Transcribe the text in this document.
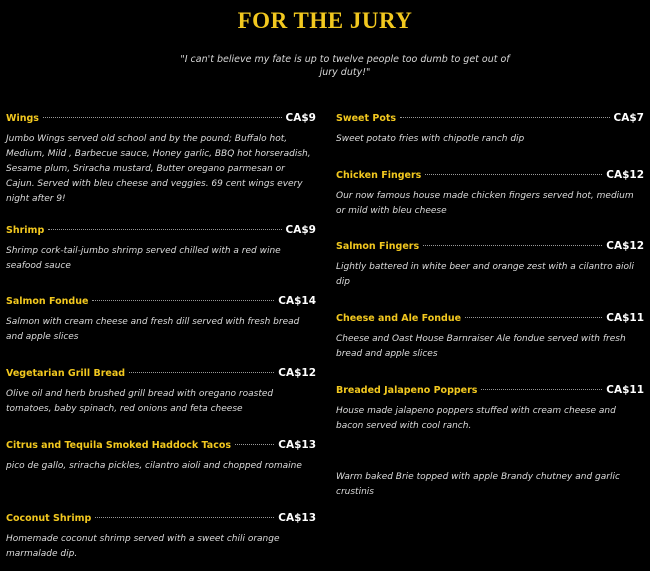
FOR THE JURY
"I can't believe my fate is up to twelve people too dumb to get out of jury duty!"
Wings	CA$9
Jumbo Wings served old school and by the pound; Buffalo hot, Medium, Mild , Barbecue sauce, Honey garlic, BBQ hot horseradish, Sesame plum, Sriracha mustard, Butter oregano parmesan or Cajun. Served with bleu cheese and veggies. 69 cent wings every night after 9!
Shrimp	CA$9
Shrimp cork-tail-jumbo shrimp served chilled with a red wine seafood sauce
Salmon Fondue	CA$14
Salmon with cream cheese and fresh dill served with fresh bread and apple slices
Vegetarian Grill Bread	CA$12
Olive oil and herb brushed grill bread with oregano roasted tomatoes, baby spinach, red onions and feta cheese
Citrus and Tequila Smoked Haddock Tacos	CA$13
pico de gallo, sriracha pickles, cilantro aioli and chopped romaine
Coconut Shrimp	CA$13
Homemade coconut shrimp served with a sweet chili orange marmalade dip.
Sweet Pots	CA$7
Sweet potato fries with chipotle ranch dip
Chicken Fingers	CA$12
Our now famous house made chicken fingers served hot, medium or mild with bleu cheese
Salmon Fingers	CA$12
Lightly battered in white beer and orange zest with a cilantro aioli dip
Cheese and Ale Fondue	CA$11
Cheese and Oast House Barnraiser Ale fondue served with fresh bread and apple slices
Breaded Jalapeno Poppers	CA$11
House made jalapeno poppers stuffed with cream cheese and bacon served with cool ranch.
Warm baked Brie topped with apple Brandy chutney and garlic crustinis
